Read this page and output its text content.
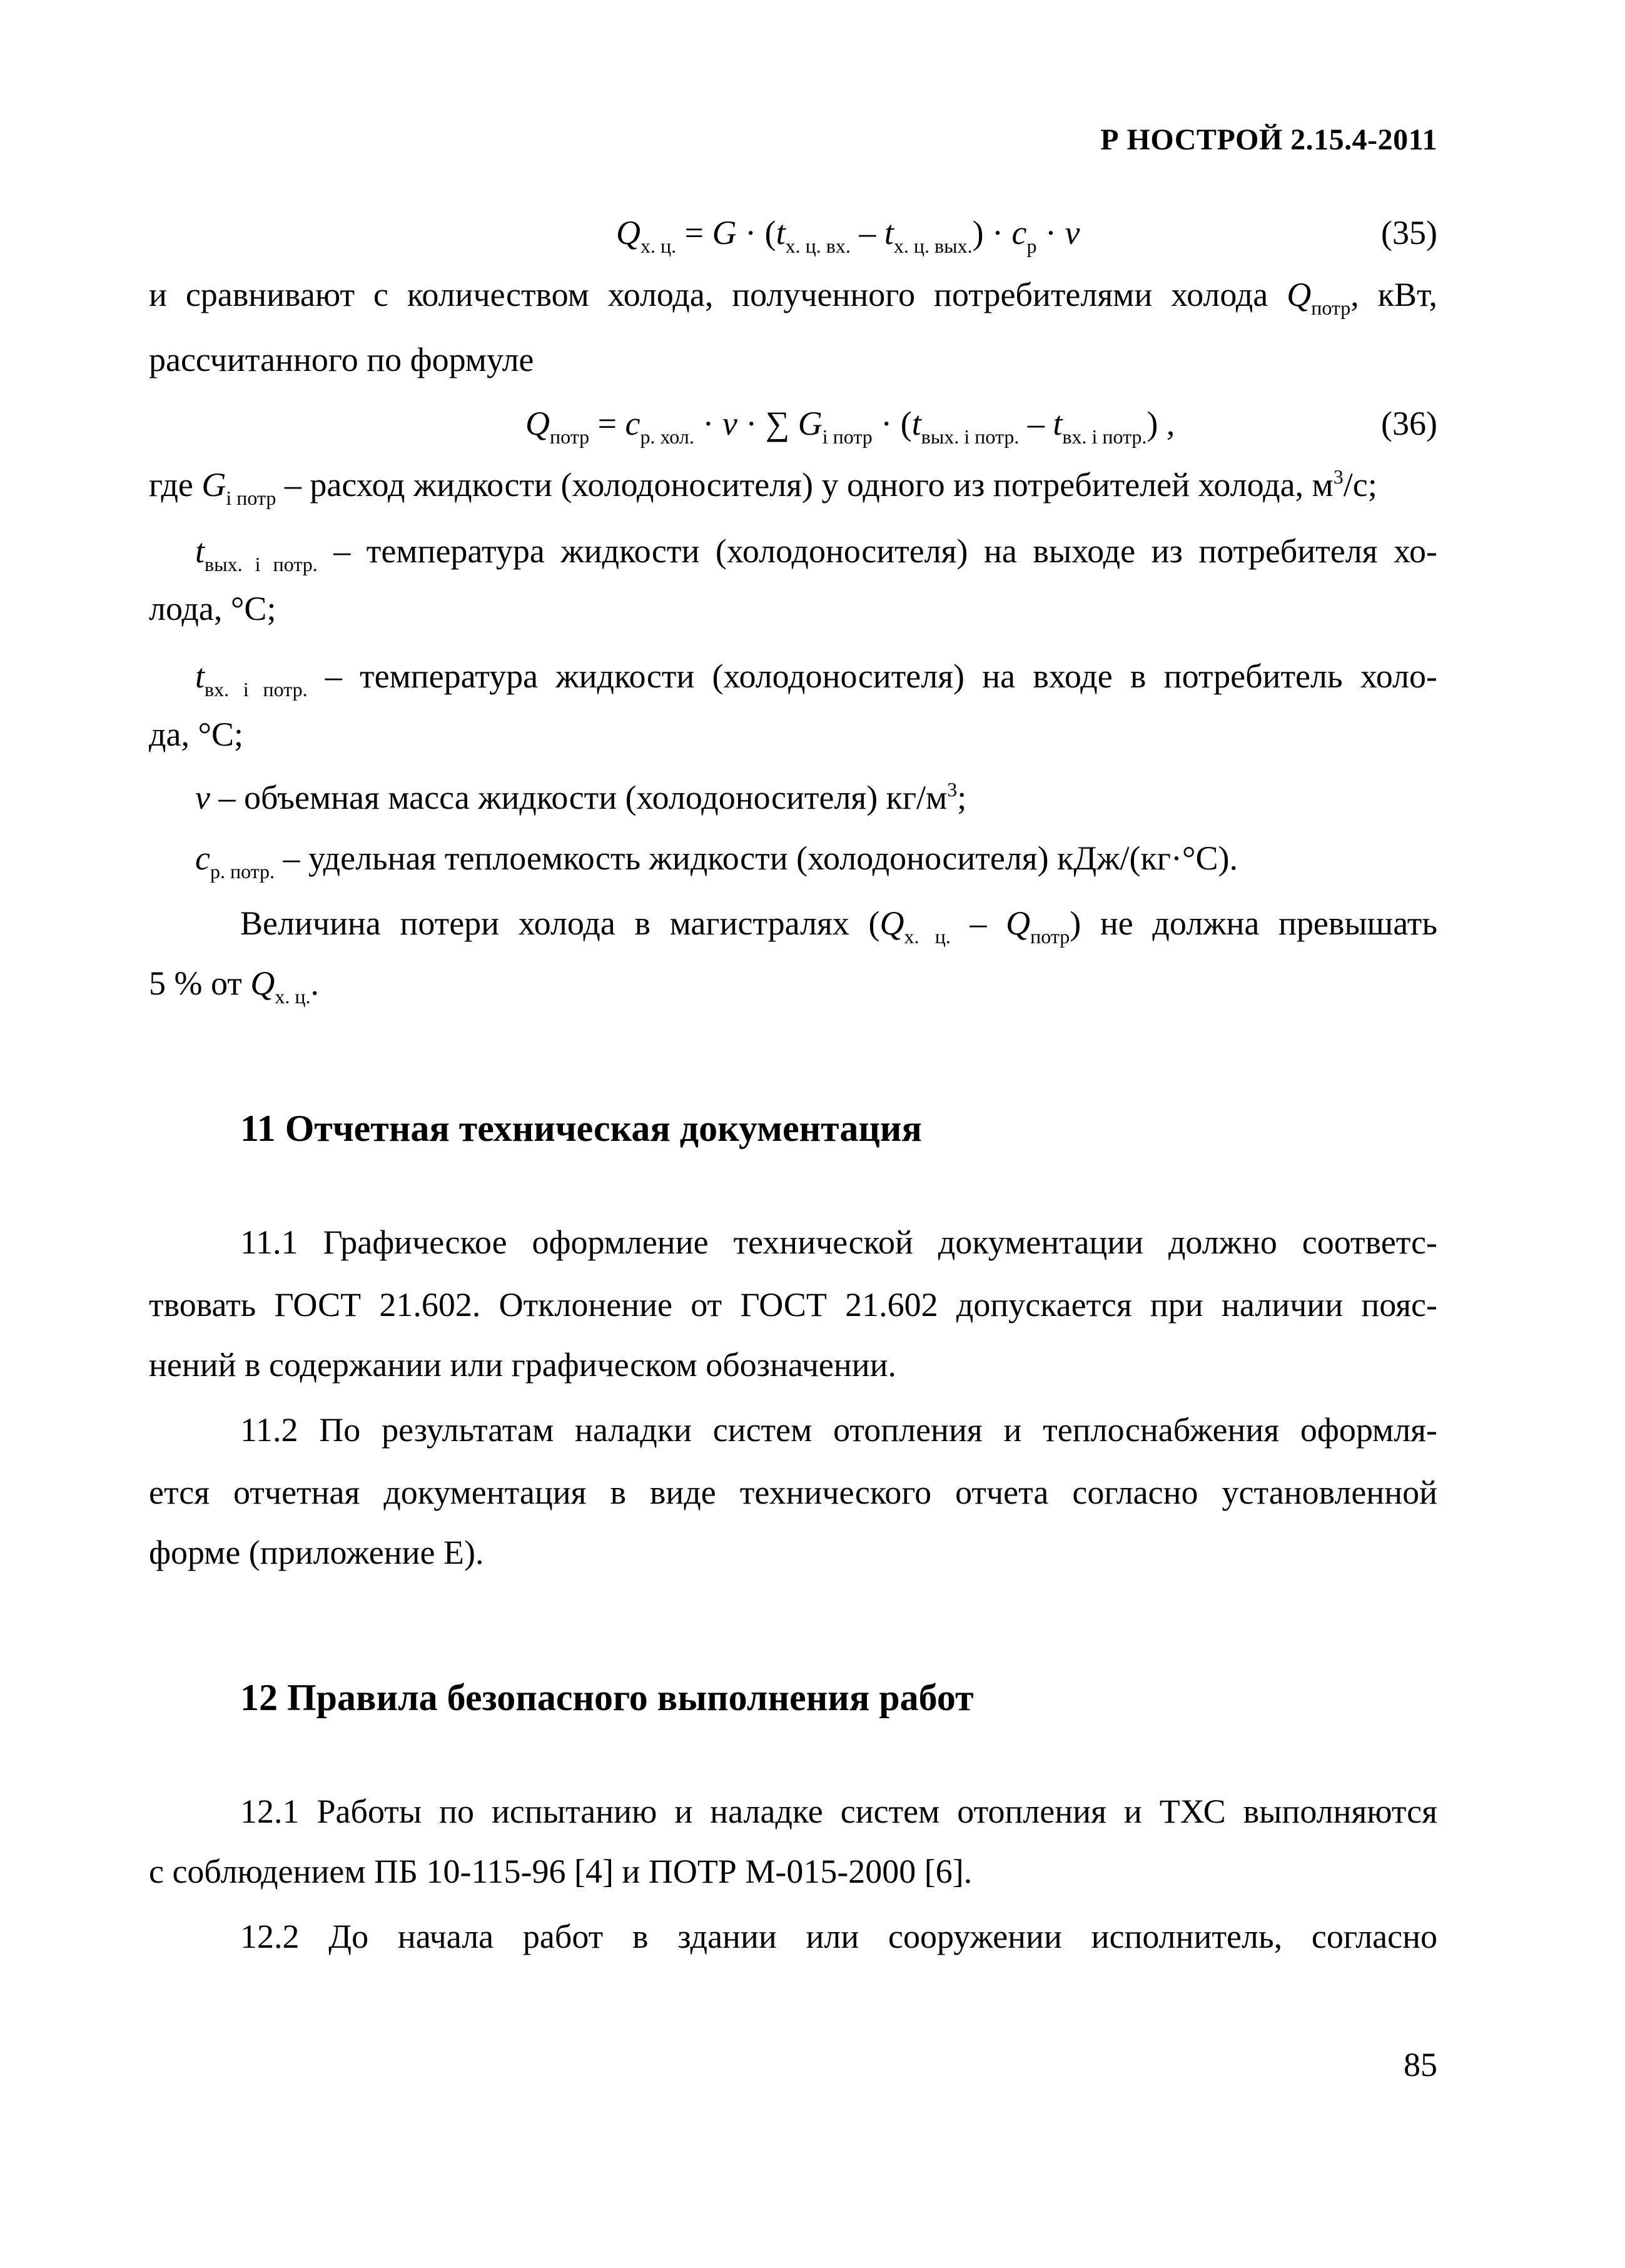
Р НОСТРОЙ 2.15.4-2011
$Q_{х. ц.} = G \cdot (t_{х. ц. вх.} - t_{х. ц. вых.}) \cdot c_р \cdot v$	(35)
и сравнивают с количеством холода, полученного потребителями холода $Q_{потр}$, кВт,
рассчитанного по формуле
$Q_{потр} = c_{р. хол.} \cdot v$ · ∑ $G_{i потр} \cdot (t_{вых. i потр.} - t_{вх. i потр.})$ ,	(36)
где $G_{i потр}$ – расход жидкости (холодоносителя) у одного из потребителей холода, $м^3/с$;
$t_{вых. i потр.}$ – температура жидкости (холодоносителя) на выходе из потребителя хо-
лода, °С;
$t_{вх. i потр.}$ – температура жидкости (холодоносителя) на входе в потребитель холо-
да, °С;
v – объемная масса жидкости (холодоносителя) $кг/м^3$;
$c_{р. потр.}$ – удельная теплоемкость жидкости (холодоносителя) кДж/(кг·°С).
Величина потери холода в магистралях $(Q_{х. ц.} - Q_{потр})$ не должна превышать
5 % от $Q_{х. ц.}$.
11 Отчетная техническая документация
11.1 Графическое оформление технической документации должно соответс-
твовать ГОСТ 21.602. Отклонение от ГОСТ 21.602 допускается при наличии пояс-
нений в содержании или графическом обозначении.
11.2 По результатам наладки систем отопления и теплоснабжения оформля-
ется отчетная документация в виде технического отчета согласно установленной
форме (приложение Е).
12 Правила безопасного выполнения работ
12.1 Работы по испытанию и наладке систем отопления и ТХС выполняются
с соблюдением ПБ 10-115-96 [4] и ПОТР М-015-2000 [6].
12.2 До начала работ в здании или сооружении исполнитель, согласно
85
